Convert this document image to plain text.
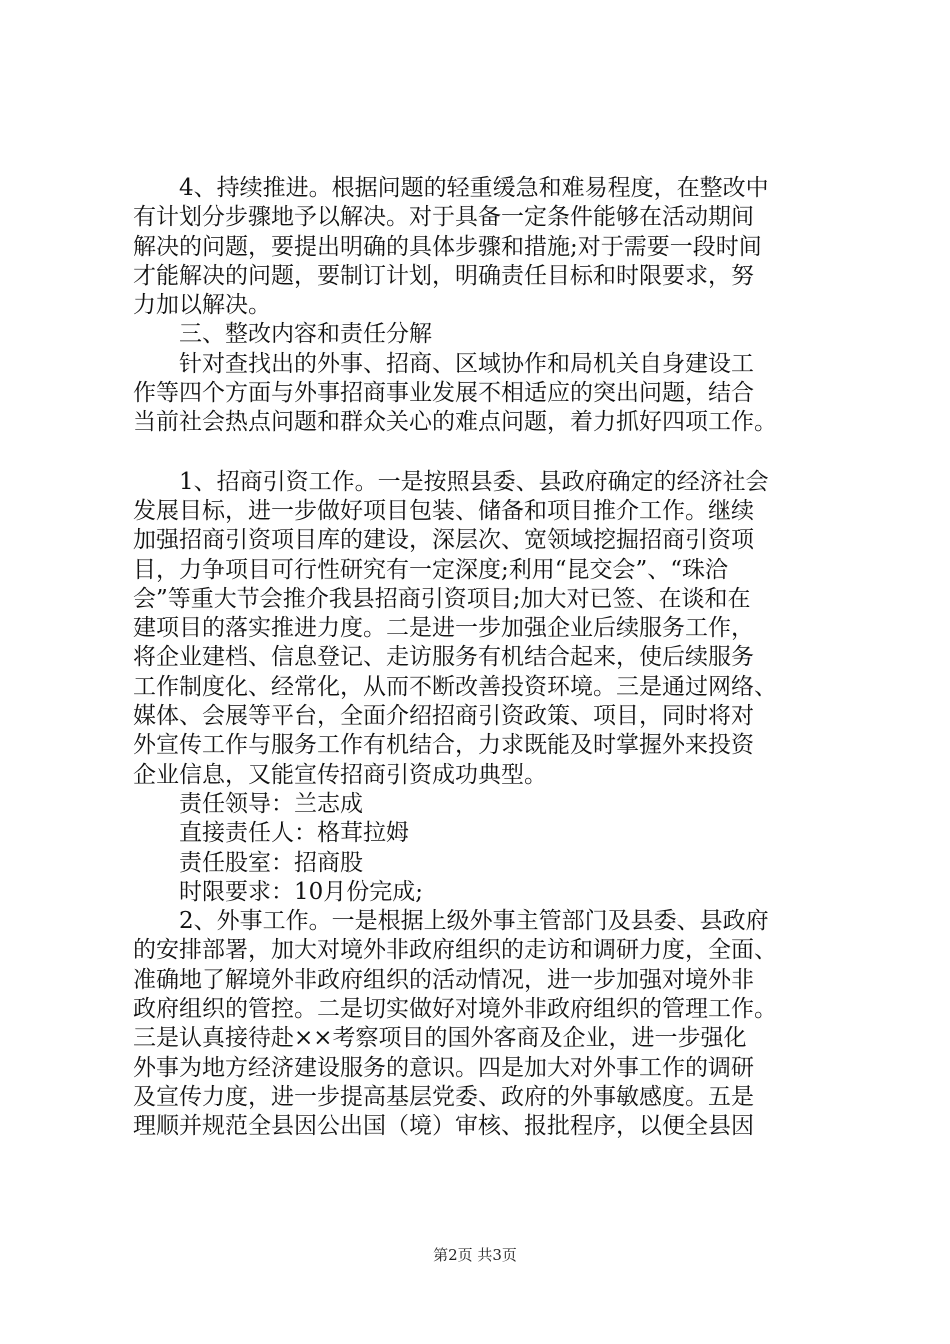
4、持续推进。根据问题的轻重缓急和难易程度，在整改中
有计划分步骤地予以解决。对于具备一定条件能够在活动期间
解决的问题，要提出明确的具体步骤和措施;对于需要一段时间
才能解决的问题，要制订计划，明确责任目标和时限要求，努
力加以解决。
三、整改内容和责任分解
针对查找出的外事、招商、区域协作和局机关自身建设工
作等四个方面与外事招商事业发展不相适应的突出问题，结合
当前社会热点问题和群众关心的难点问题，着力抓好四项工作。
1、招商引资工作。一是按照县委、县政府确定的经济社会
发展目标，进一步做好项目包装、储备和项目推介工作。继续
加强招商引资项目库的建设，深层次、宽领域挖掘招商引资项
目，力争项目可行性研究有一定深度;利用“昆交会”、“珠洽
会”等重大节会推介我县招商引资项目;加大对已签、在谈和在
建项目的落实推进力度。二是进一步加强企业后续服务工作，
将企业建档、信息登记、走访服务有机结合起来，使后续服务
工作制度化、经常化，从而不断改善投资环境。三是通过网络、
媒体、会展等平台，全面介绍招商引资政策、项目，同时将对
外宣传工作与服务工作有机结合，力求既能及时掌握外来投资
企业信息，又能宣传招商引资成功典型。
责任领导：兰志成
直接责任人：格茸拉姆
责任股室：招商股
时限要求：10月份完成;
2、外事工作。一是根据上级外事主管部门及县委、县政府
的安排部署，加大对境外非政府组织的走访和调研力度，全面、
准确地了解境外非政府组织的活动情况，进一步加强对境外非
政府组织的管控。二是切实做好对境外非政府组织的管理工作。
三是认真接待赴××考察项目的国外客商及企业，进一步强化
外事为地方经济建设服务的意识。四是加大对外事工作的调研
及宣传力度，进一步提高基层党委、政府的外事敏感度。五是
理顺并规范全县因公出国（境）审核、报批程序，以便全县因
第2页 共3页
